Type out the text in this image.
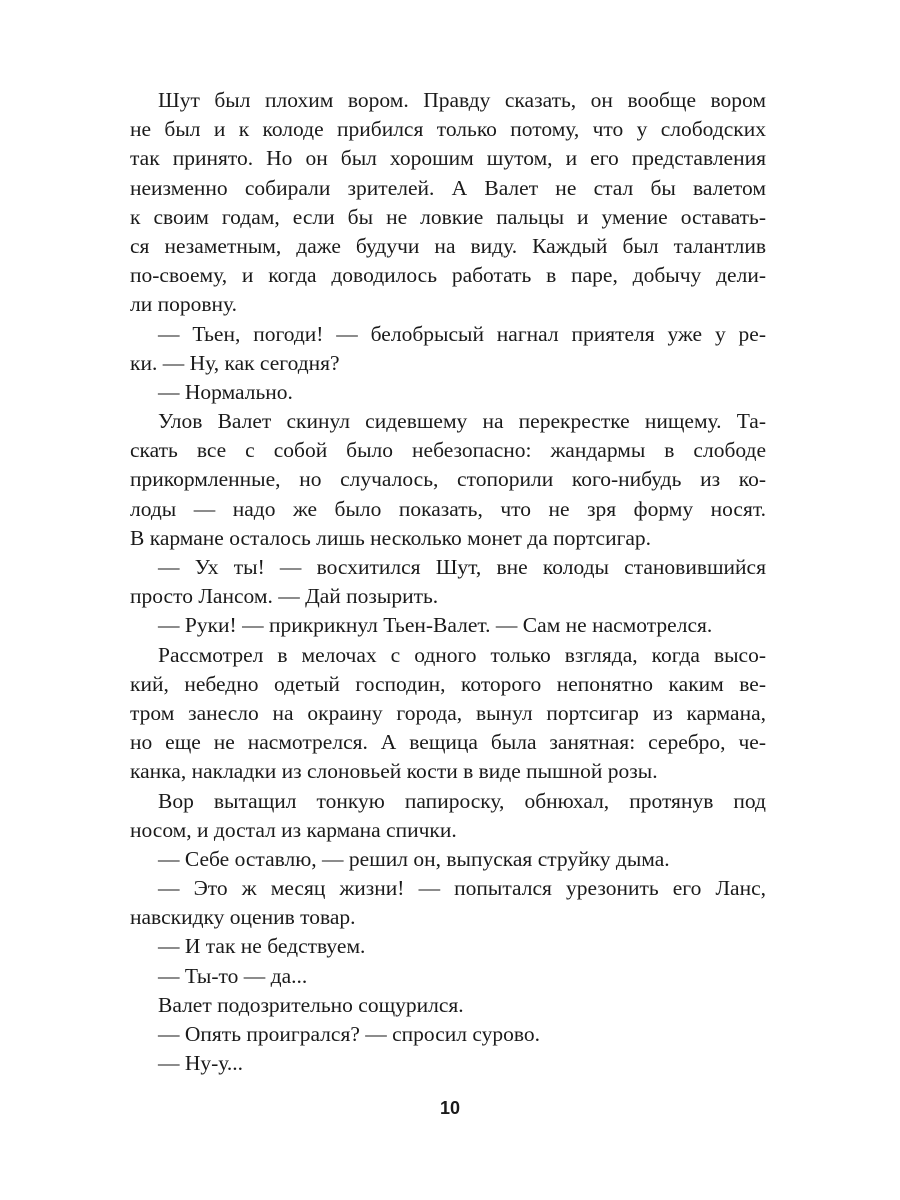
Шут был плохим вором. Правду сказать, он вообще вором
не был и к колоде прибился только потому, что у слободских
так принято. Но он был хорошим шутом, и его представления
неизменно собирали зрителей. А Валет не стал бы валетом
к своим годам, если бы не ловкие пальцы и умение оставать-
ся незаметным, даже будучи на виду. Каждый был талантлив
по-своему, и когда доводилось работать в паре, добычу дели-
ли поровну.
— Тьен, погоди! — белобрысый нагнал приятеля уже у ре-
ки. — Ну, как сегодня?
— Нормально.
Улов Валет скинул сидевшему на перекрестке нищему. Та-
скать все с собой было небезопасно: жандармы в слободе
прикормленные, но случалось, стопорили кого-нибудь из ко-
лоды — надо же было показать, что не зря форму носят.
В кармане осталось лишь несколько монет да портсигар.
— Ух ты! — восхитился Шут, вне колоды становившийся
просто Лансом. — Дай позырить.
— Руки! — прикрикнул Тьен-Валет. — Сам не насмотрелся.
Рассмотрел в мелочах с одного только взгляда, когда высо-
кий, небедно одетый господин, которого непонятно каким ве-
тром занесло на окраину города, вынул портсигар из кармана,
но еще не насмотрелся. А вещица была занятная: серебро, че-
канка, накладки из слоновьей кости в виде пышной розы.
Вор вытащил тонкую папироску, обнюхал, протянув под
носом, и достал из кармана спички.
— Себе оставлю, — решил он, выпуская струйку дыма.
— Это ж месяц жизни! — попытался урезонить его Ланс,
навскидку оценив товар.
— И так не бедствуем.
— Ты-то — да...
Валет подозрительно сощурился.
— Опять проигрался? — спросил сурово.
— Ну-у...
10
